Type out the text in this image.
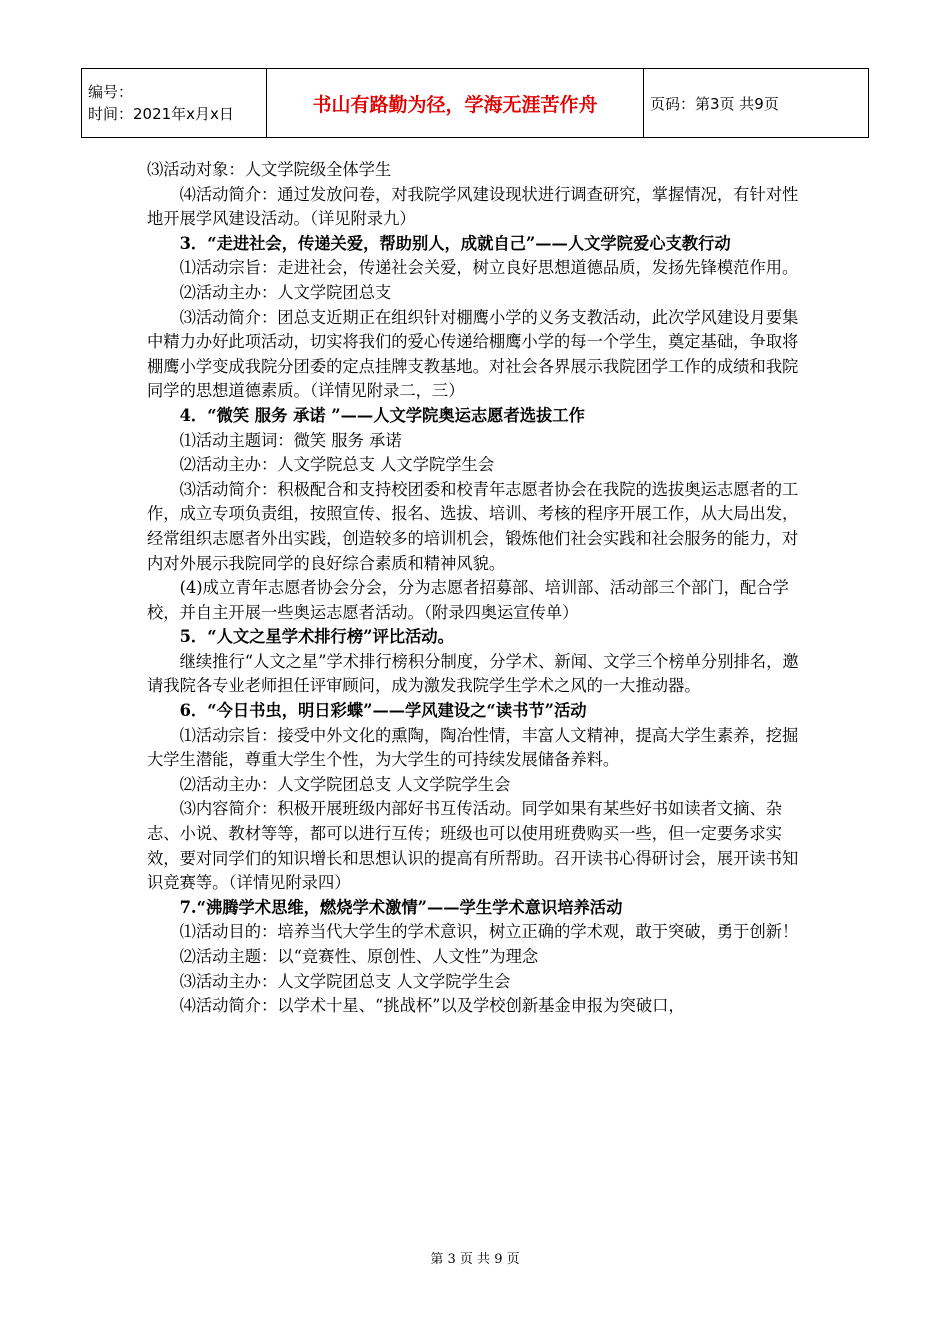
编号：
时间：2021年x月x日	书山有路勤为径，学海无涯苦作舟	页码：第3页 共9页

⑶活动对象：人文学院级全体学生

⑷活动简介：通过发放问卷，对我院学风建设现状进行调查研究，掌握情况，有针对性地开展学风建设活动。（详见附录九）

3．“走进社会，传递关爱，帮助别人，成就自己”——人文学院爱心支教行动

⑴活动宗旨：走进社会，传递社会关爱，树立良好思想道德品质，发扬先锋模范作用。

⑵活动主办：人文学院团总支

⑶活动简介：团总支近期正在组织针对棚鹰小学的义务支教活动，此次学风建设月要集中精力办好此项活动，切实将我们的爱心传递给棚鹰小学的每一个学生，奠定基础，争取将棚鹰小学变成我院分团委的定点挂牌支教基地。对社会各界展示我院团学工作的成绩和我院同学的思想道德素质。（详情见附录二，三）

4．“微笑 服务 承诺 ”——人文学院奥运志愿者选拔工作

⑴活动主题词：微笑 服务 承诺

⑵活动主办：人文学院总支 人文学院学生会

⑶活动简介：积极配合和支持校团委和校青年志愿者协会在我院的选拔奥运志愿者的工作，成立专项负责组，按照宣传、报名、选拔、培训、考核的程序开展工作，从大局出发，经常组织志愿者外出实践，创造较多的培训机会，锻炼他们社会实践和社会服务的能力，对内对外展示我院同学的良好综合素质和精神风貌。

(4)成立青年志愿者协会分会，分为志愿者招募部、培训部、活动部三个部门，配合学校，并自主开展一些奥运志愿者活动。（附录四奥运宣传单）

5．“人文之星学术排行榜”评比活动。

继续推行“人文之星”学术排行榜积分制度，分学术、新闻、文学三个榜单分别排名，邀请我院各专业老师担任评审顾问，成为激发我院学生学术之风的一大推动器。

6．“今日书虫，明日彩蝶”——学风建设之“读书节”活动

⑴活动宗旨：接受中外文化的熏陶，陶冶性情，丰富人文精神，提高大学生素养，挖掘大学生潜能，尊重大学生个性，为大学生的可持续发展储备养料。

⑵活动主办：人文学院团总支 人文学院学生会

⑶内容简介：积极开展班级内部好书互传活动。同学如果有某些好书如读者文摘、杂志、小说、教材等等，都可以进行互传；班级也可以使用班费购买一些，但一定要务求实效，要对同学们的知识增长和思想认识的提高有所帮助。召开读书心得研讨会，展开读书知识竞赛等。（详情见附录四）

7.“沸腾学术思维，燃烧学术激情”——学生学术意识培养活动

⑴活动目的：培养当代大学生的学术意识，树立正确的学术观，敢于突破，勇于创新！

⑵活动主题：以“竞赛性、原创性、人文性”为理念

⑶活动主办：人文学院团总支 人文学院学生会

⑷活动简介：以学术十星、“挑战杯”以及学校创新基金申报为突破口，

第 3 页 共 9 页
